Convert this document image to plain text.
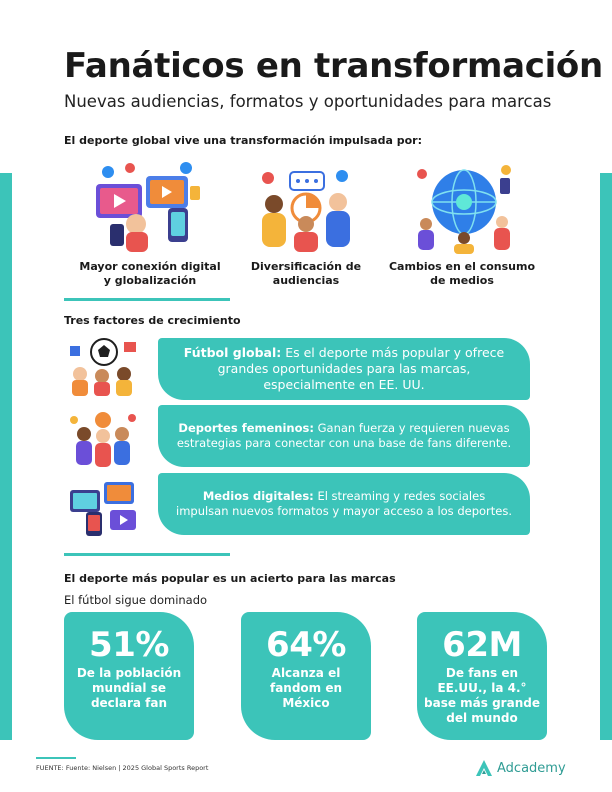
Fanáticos en transformación
Nuevas audiencias, formatos y oportunidades para marcas
El deporte global vive una transformación impulsada por:
Mayor conexión digital
y globalización
Diversificación de
audiencias
Cambios en el consumo
de medios
Tres factores de crecimiento
Fútbol global: Es el deporte más popular y ofrece grandes oportunidades para las marcas, especialmente en EE. UU.
Deportes femeninos: Ganan fuerza y requieren nuevas estrategias para conectar con una base de fans diferente.
Medios digitales: El streaming y redes sociales impulsan nuevos formatos y mayor acceso a los deportes.
El deporte más popular es un acierto para las marcas
El fútbol sigue dominado
51%
De la población mundial se declara fan
64%
Alcanza el fandom en México
62M
De fans en EE.UU., la 4.° base más grande del mundo
FUENTE: Fuente: Nielsen | 2025 Global Sports Report	Adcademy
